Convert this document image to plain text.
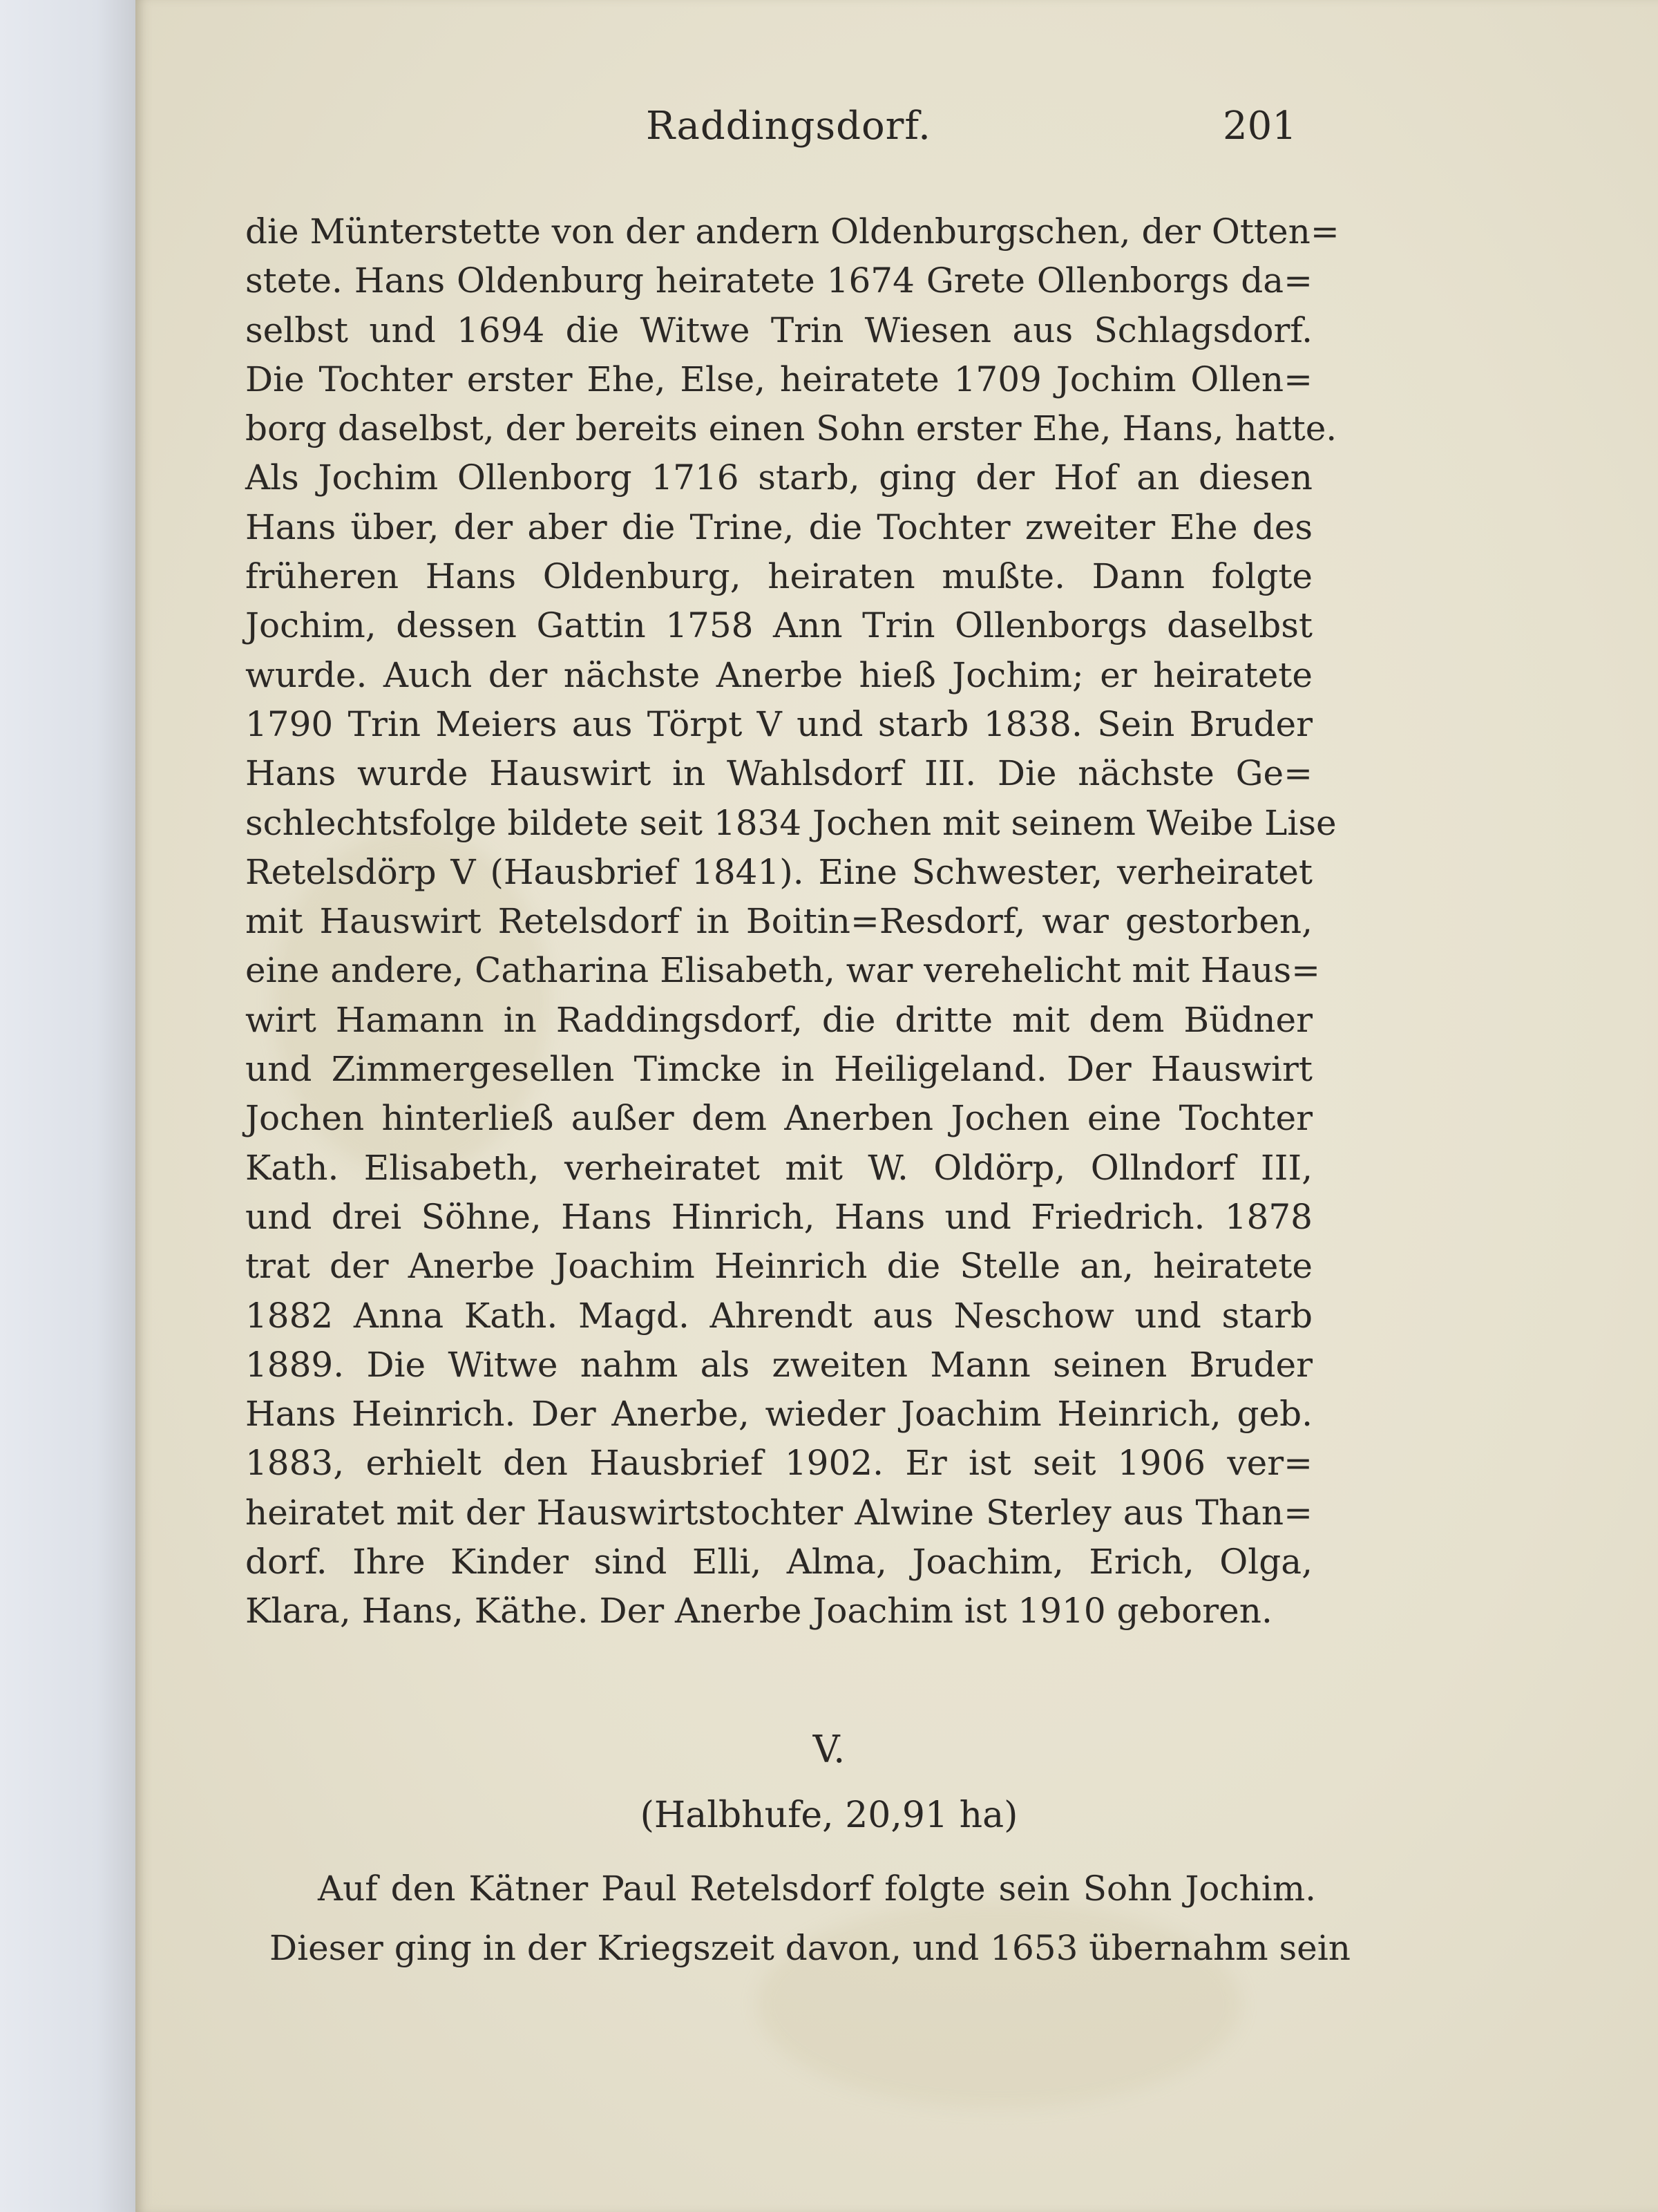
Raddingsdorf.	201
die Münterstette von der andern Oldenburgschen, der Otten=
stete. Hans Oldenburg heiratete 1674 Grete Ollenborgs da=
selbst und 1694 die Witwe Trin Wiesen aus Schlagsdorf.
Die Tochter erster Ehe, Else, heiratete 1709 Jochim Ollen=
borg daselbst, der bereits einen Sohn erster Ehe, Hans, hatte.
Als Jochim Ollenborg 1716 starb, ging der Hof an diesen
Hans über, der aber die Trine, die Tochter zweiter Ehe des
früheren Hans Oldenburg, heiraten mußte. Dann folgte
Jochim, dessen Gattin 1758 Ann Trin Ollenborgs daselbst
wurde. Auch der nächste Anerbe hieß Jochim; er heiratete
1790 Trin Meiers aus Törpt V und starb 1838. Sein Bruder
Hans wurde Hauswirt in Wahlsdorf III. Die nächste Ge=
schlechtsfolge bildete seit 1834 Jochen mit seinem Weibe Lise
Retelsdörp V (Hausbrief 1841). Eine Schwester, verheiratet
mit Hauswirt Retelsdorf in Boitin=Resdorf, war gestorben,
eine andere, Catharina Elisabeth, war verehelicht mit Haus=
wirt Hamann in Raddingsdorf, die dritte mit dem Büdner
und Zimmergesellen Timcke in Heiligeland. Der Hauswirt
Jochen hinterließ außer dem Anerben Jochen eine Tochter
Kath. Elisabeth, verheiratet mit W. Oldörp, Ollndorf III,
und drei Söhne, Hans Hinrich, Hans und Friedrich. 1878
trat der Anerbe Joachim Heinrich die Stelle an, heiratete
1882 Anna Kath. Magd. Ahrendt aus Neschow und starb
1889. Die Witwe nahm als zweiten Mann seinen Bruder
Hans Heinrich. Der Anerbe, wieder Joachim Heinrich, geb.
1883, erhielt den Hausbrief 1902. Er ist seit 1906 ver=
heiratet mit der Hauswirtstochter Alwine Sterley aus Than=
dorf. Ihre Kinder sind Elli, Alma, Joachim, Erich, Olga,
Klara, Hans, Käthe. Der Anerbe Joachim ist 1910 geboren.
V.
(Halbhufe, 20,91 ha)
Auf den Kätner Paul Retelsdorf folgte sein Sohn Jochim.
Dieser ging in der Kriegszeit davon, und 1653 übernahm sein
